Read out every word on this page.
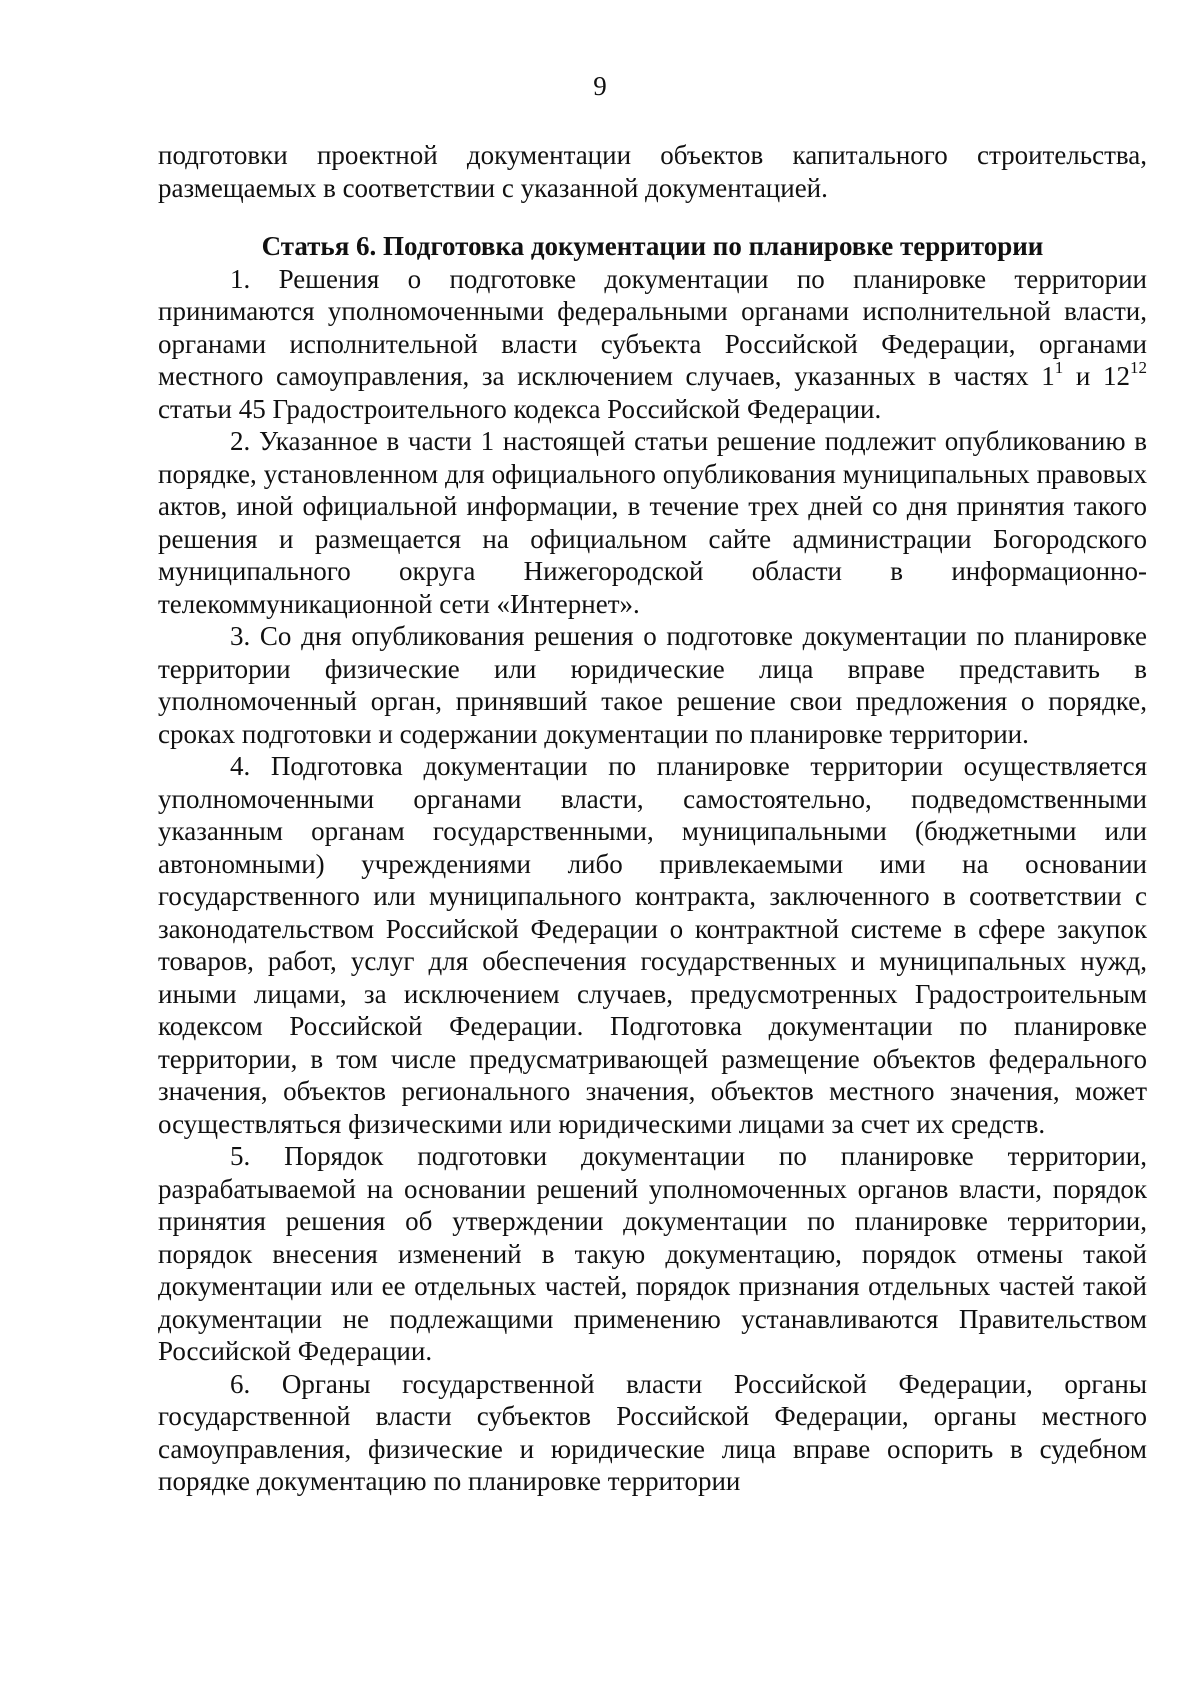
9

подготовки проектной документации объектов капитального строительства, размещаемых в соответствии с указанной документацией.

Статья 6. Подготовка документации по планировке территории

1. Решения о подготовке документации по планировке территории принимаются уполномоченными федеральными органами исполнительной власти, органами исполнительной власти субъекта Российской Федерации, органами местного самоуправления, за исключением случаев, указанных в частях $1^1$ и $12^{12}$ статьи 45 Градостроительного кодекса Российской Федерации.

2. Указанное в части 1 настоящей статьи решение подлежит опубликованию в порядке, установленном для официального опубликования муниципальных правовых актов, иной официальной информации, в течение трех дней со дня принятия такого решения и размещается на официальном сайте администрации Богородского муниципального округа Нижегородской области в информационно-телекоммуникационной сети «Интернет».

3. Со дня опубликования решения о подготовке документации по планировке территории физические или юридические лица вправе представить в уполномоченный орган, принявший такое решение свои предложения о порядке, сроках подготовки и содержании документации по планировке территории.

4. Подготовка документации по планировке территории осуществляется уполномоченными органами власти, самостоятельно, подведомственными указанным органам государственными, муниципальными (бюджетными или автономными) учреждениями либо привлекаемыми ими на основании государственного или муниципального контракта, заключенного в соответствии с законодательством Российской Федерации о контрактной системе в сфере закупок товаров, работ, услуг для обеспечения государственных и муниципальных нужд, иными лицами, за исключением случаев, предусмотренных Градостроительным кодексом Российской Федерации. Подготовка документации по планировке территории, в том числе предусматривающей размещение объектов федерального значения, объектов регионального значения, объектов местного значения, может осуществляться физическими или юридическими лицами за счет их средств.

5. Порядок подготовки документации по планировке территории, разрабатываемой на основании решений уполномоченных органов власти, порядок принятия решения об утверждении документации по планировке территории, порядок внесения изменений в такую документацию, порядок отмены такой документации или ее отдельных частей, порядок признания отдельных частей такой документации не подлежащими применению устанавливаются Правительством Российской Федерации.

6. Органы государственной власти Российской Федерации, органы государственной власти субъектов Российской Федерации, органы местного самоуправления, физические и юридические лица вправе оспорить в судебном порядке документацию по планировке территории
